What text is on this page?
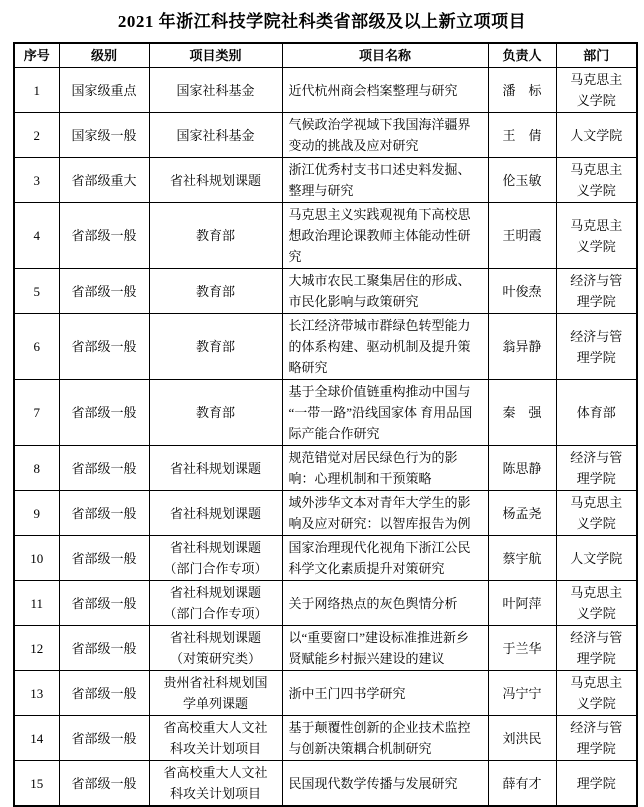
2021 年浙江科技学院社科类省部级及以上新立项项目
序号	级别	项目类别	项目名称	负责人	部门
1	国家级重点	国家社科基金	近代杭州商会档案整理与研究	潘　标	马克思主义学院
2	国家级一般	国家社科基金	气候政治学视域下我国海洋疆界变动的挑战及应对研究	王　倩	人文学院
3	省部级重大	省社科规划课题	浙江优秀村支书口述史料发掘、整理与研究	伦玉敏	马克思主义学院
4	省部级一般	教育部	马克思主义实践观视角下高校思想政治理论课教师主体能动性研究	王明霞	马克思主义学院
5	省部级一般	教育部	大城市农民工聚集居住的形成、市民化影响与政策研究	叶俊焘	经济与管理学院
6	省部级一般	教育部	长江经济带城市群绿色转型能力的体系构建、驱动机制及提升策略研究	翁异静	经济与管理学院
7	省部级一般	教育部	基于全球价值链重构推动中国与“一带一路”沿线国家体 育用品国际产能合作研究	秦　强	体育部
8	省部级一般	省社科规划课题	规范错觉对居民绿色行为的影响：心理机制和干预策略	陈思静	经济与管理学院
9	省部级一般	省社科规划课题	域外涉华文本对青年大学生的影响及应对研究：以智库报告为例	杨孟尧	马克思主义学院
10	省部级一般	省社科规划课题（部门合作专项）	国家治理现代化视角下浙江公民科学文化素质提升对策研究	蔡宇航	人文学院
11	省部级一般	省社科规划课题（部门合作专项）	关于网络热点的灰色舆情分析	叶阿萍	马克思主义学院
12	省部级一般	省社科规划课题（对策研究类）	以“重要窗口”建设标准推进新乡贤赋能乡村振兴建设的建议	于兰华	经济与管理学院
13	省部级一般	贵州省社科规划国学单列课题	浙中王门四书学研究	冯宁宁	马克思主义学院
14	省部级一般	省高校重大人文社科攻关计划项目	基于颠覆性创新的企业技术监控与创新决策耦合机制研究	刘洪民	经济与管理学院
15	省部级一般	省高校重大人文社科攻关计划项目	民国现代数学传播与发展研究	薛有才	理学院
